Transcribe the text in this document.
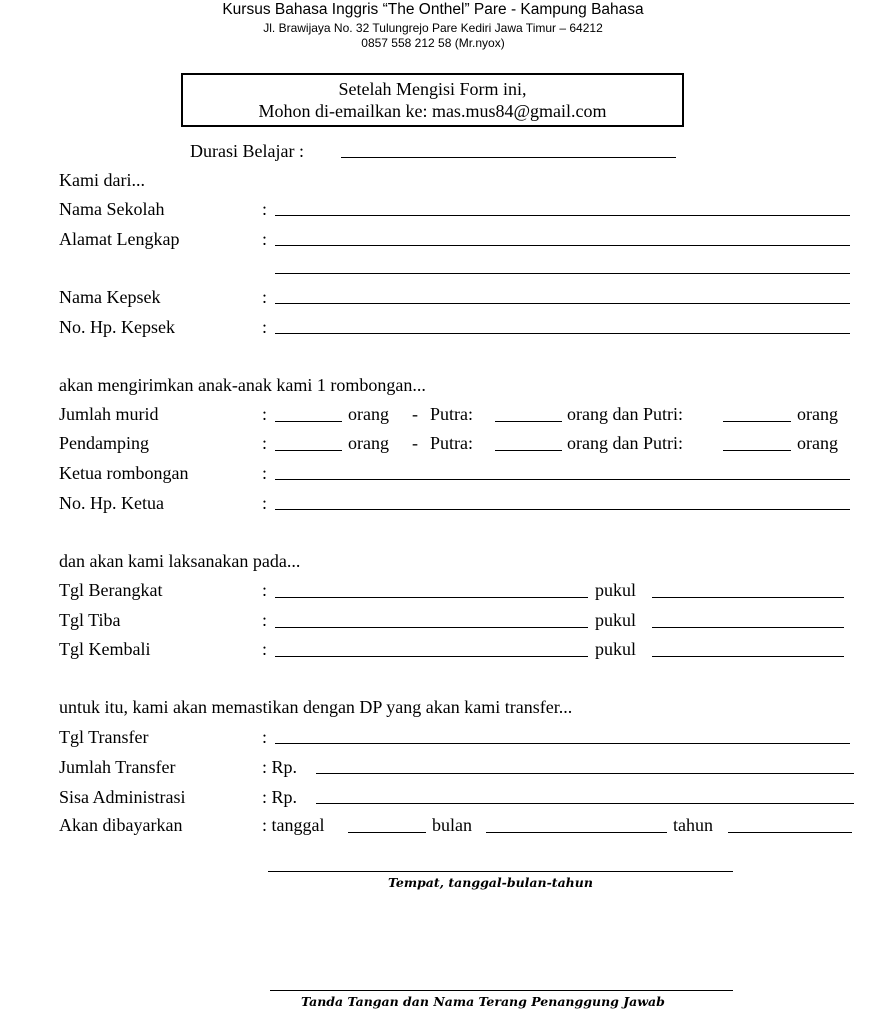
Kursus Bahasa Inggris “The Onthel” Pare - Kampung Bahasa
Jl. Brawijaya No. 32 Tulungrejo Pare Kediri Jawa Timur – 64212
0857 558 212 58 (Mr.nyox)
Setelah Mengisi Form ini,
Mohon di-emailkan ke: mas.mus84@gmail.com
Durasi Belajar :
Kami dari...
Nama Sekolah	:
Alamat Lengkap	:
Nama Kepsek	:
No. Hp. Kepsek	:
akan mengirimkan anak-anak kami 1 rombongan...
Jumlah murid	:	orang - Putra:	orang dan Putri:	orang
Pendamping	:	orang - Putra:	orang dan Putri:	orang
Ketua rombongan	:
No. Hp. Ketua	:
dan akan kami laksanakan pada...
Tgl Berangkat	:	pukul
Tgl Tiba	:	pukul
Tgl Kembali	:	pukul
untuk itu, kami akan memastikan dengan DP yang akan kami transfer...
Tgl Transfer	:
Jumlah Transfer	: Rp.
Sisa Administrasi	: Rp.
Akan dibayarkan	: tanggal	bulan	tahun
Tempat, tanggal-bulan-tahun
Tanda Tangan dan Nama Terang Penanggung Jawab
